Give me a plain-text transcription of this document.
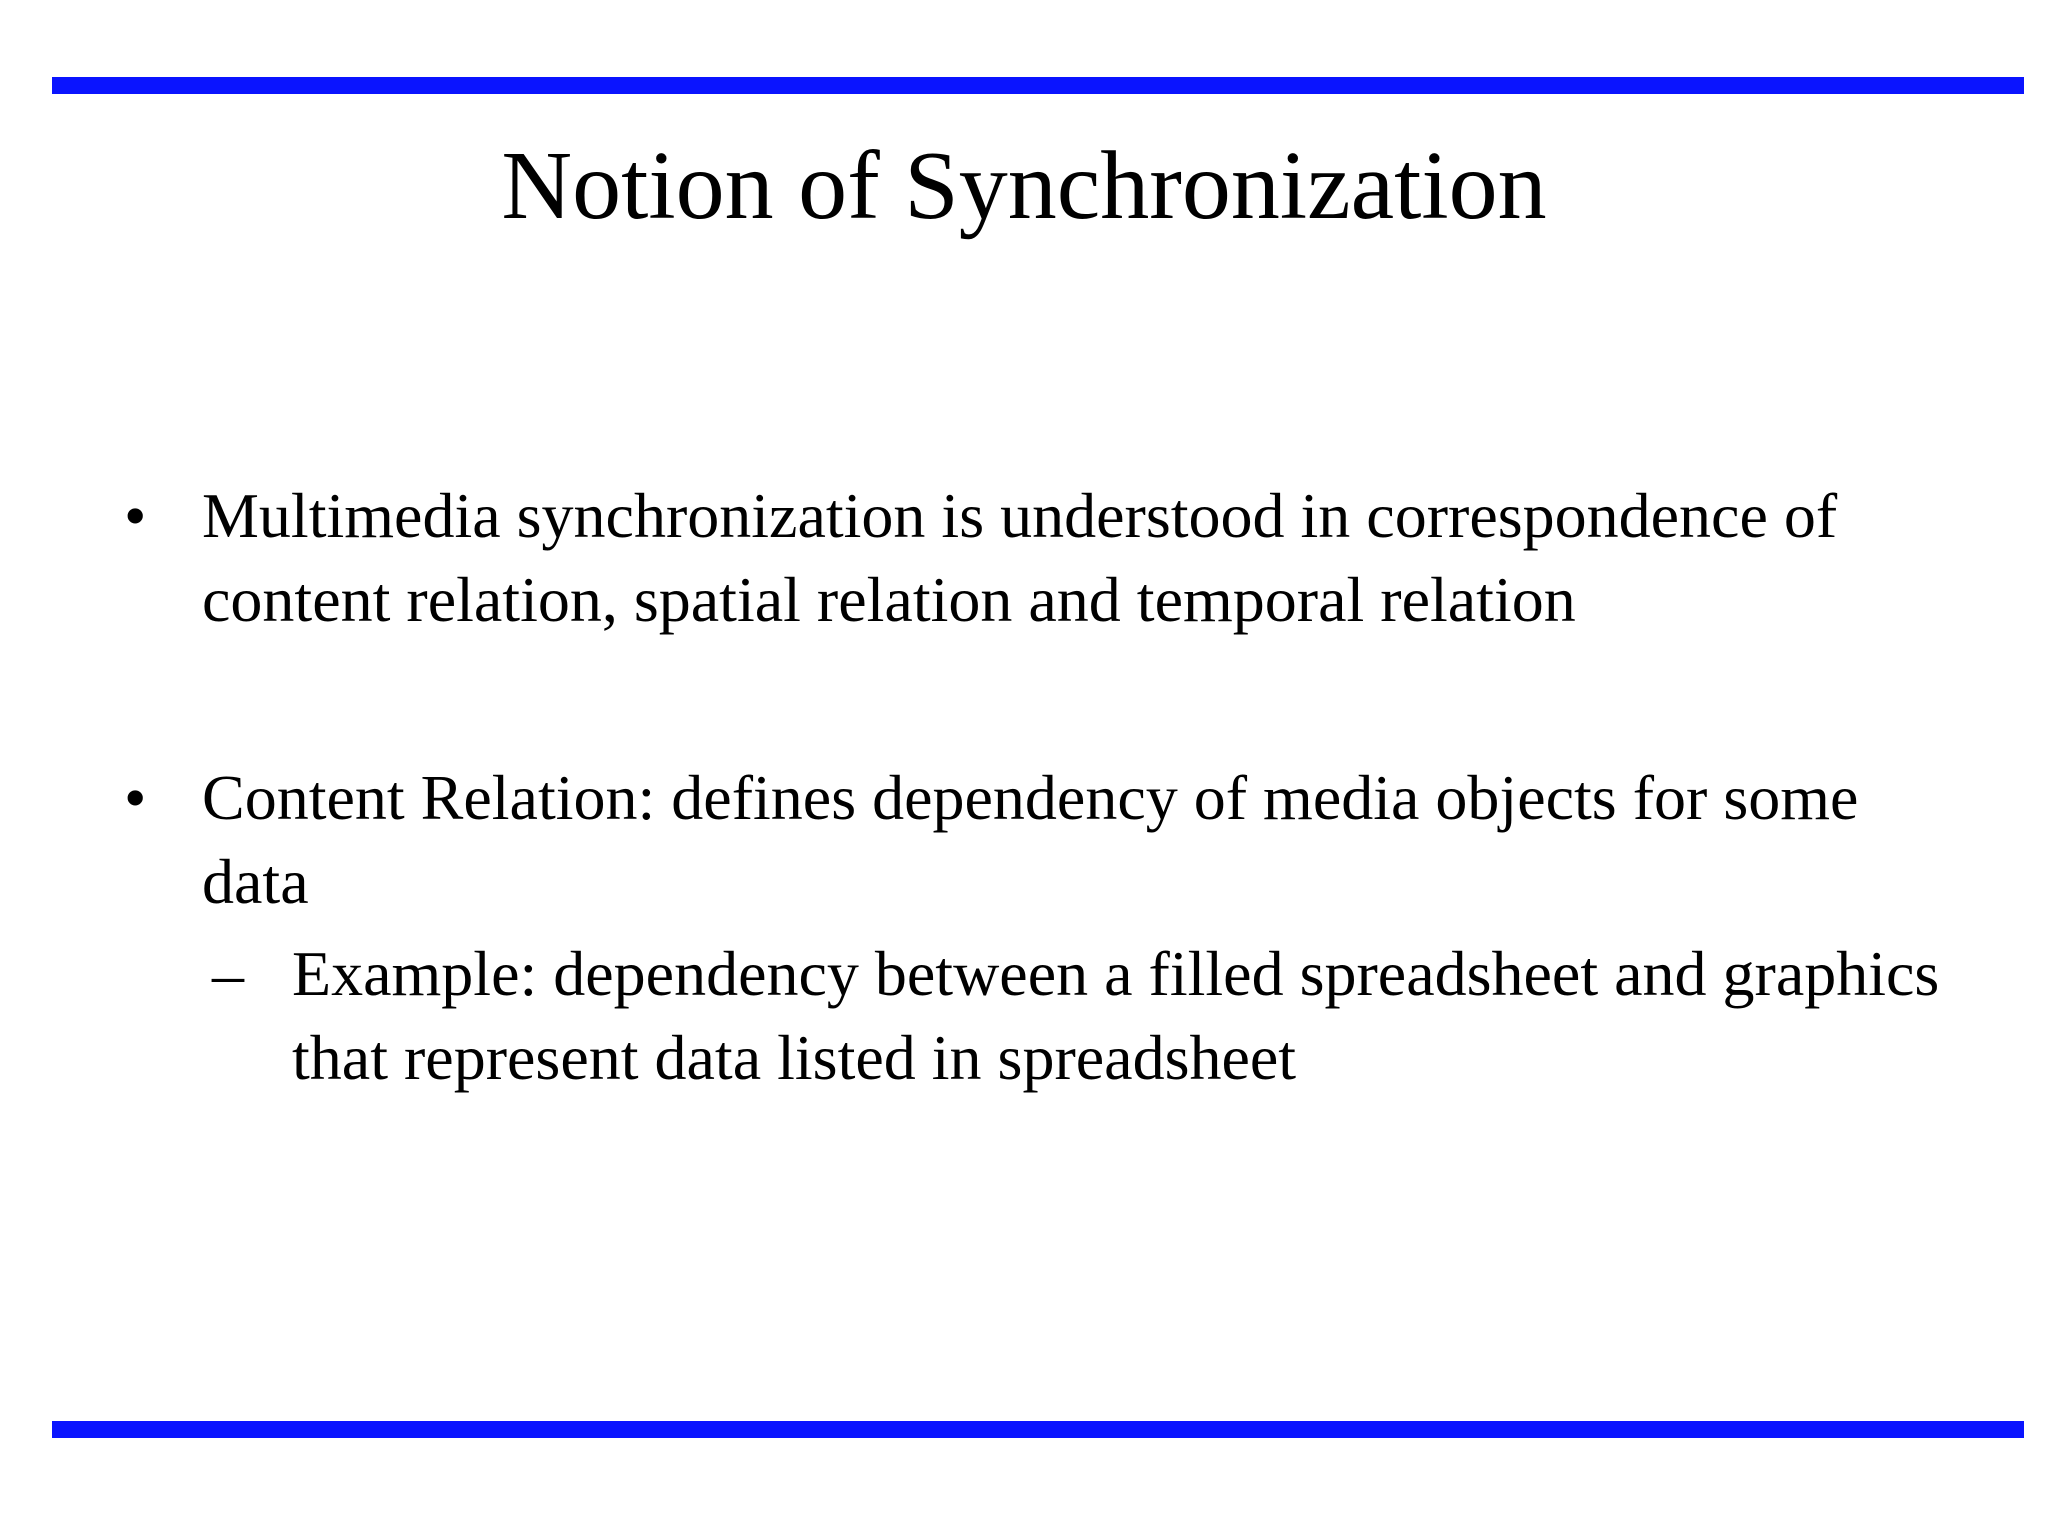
Notion of Synchronization
• Multimedia synchronization is understood in correspondence of content relation, spatial relation and temporal relation
• Content Relation: defines dependency of media objects for some data
– Example: dependency between a filled spreadsheet and graphics that represent data listed in spreadsheet
